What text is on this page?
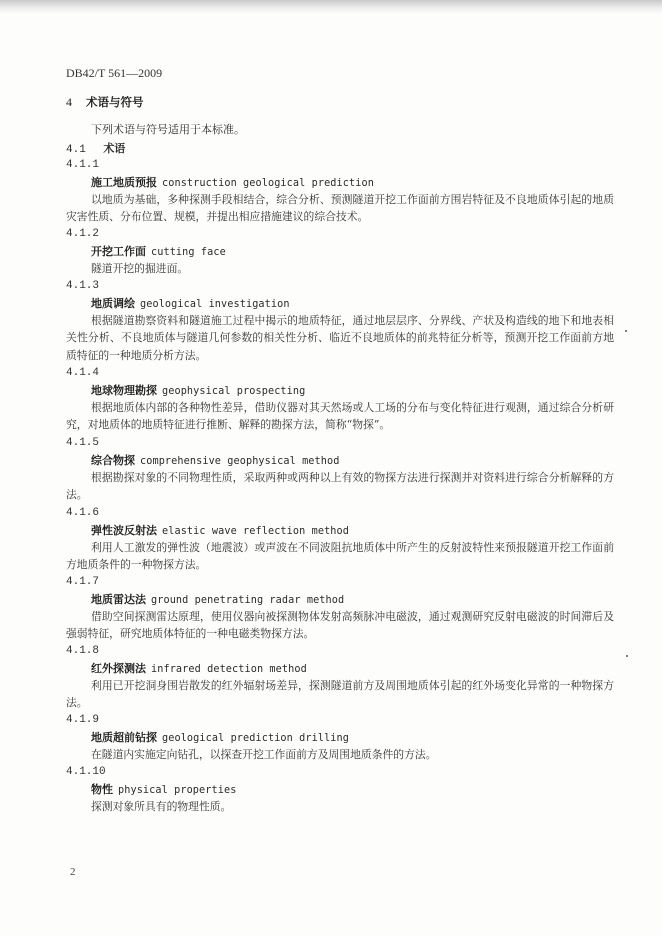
DB42/T 561—2009
4 术语与符号
下列术语与符号适用于本标准。
4.1 术语
4.1.1
施工地质预报 construction geological prediction

以地质为基础，多种探测手段相结合，综合分析、预测隧道开挖工作面前方围岩特征及不良地质体引起的地质灾害性质、分布位置、规模，并提出相应措施建议的综合技术。

4.1.2
开挖工作面 cutting face

隧道开挖的掘进面。

4.1.3
地质调绘 geological investigation

根据隧道勘察资料和隧道施工过程中揭示的地质特征，通过地层层序、分界线、产状及构造线的地下和地表相关性分析、不良地质体与隧道几何参数的相关性分析、临近不良地质体的前兆特征分析等，预测开挖工作面前方地质特征的一种地质分析方法。

4.1.4
地球物理勘探 geophysical prospecting

根据地质体内部的各种物性差异，借助仪器对其天然场或人工场的分布与变化特征进行观测，通过综合分析研究，对地质体的地质特征进行推断、解释的勘探方法，简称“物探”。

4.1.5
综合物探 comprehensive geophysical method

根据勘探对象的不同物理性质，采取两种或两种以上有效的物探方法进行探测并对资料进行综合分析解释的方法。

4.1.6
弹性波反射法 elastic wave reflection method

利用人工激发的弹性波（地震波）或声波在不同波阻抗地质体中所产生的反射波特性来预报隧道开挖工作面前方地质条件的一种物探方法。

4.1.7
地质雷达法 ground penetrating radar method

借助空间探测雷达原理，使用仪器向被探测物体发射高频脉冲电磁波，通过观测研究反射电磁波的时间滞后及强弱特征，研究地质体特征的一种电磁类物探方法。

4.1.8
红外探测法 infrared detection method

利用已开挖洞身围岩散发的红外辐射场差异，探测隧道前方及周围地质体引起的红外场变化异常的一种物探方法。

4.1.9
地质超前钻探 geological prediction drilling

在隧道内实施定向钻孔，以探查开挖工作面前方及周围地质条件的方法。

4.1.10
物性 physical properties

探测对象所具有的物理性质。

2
